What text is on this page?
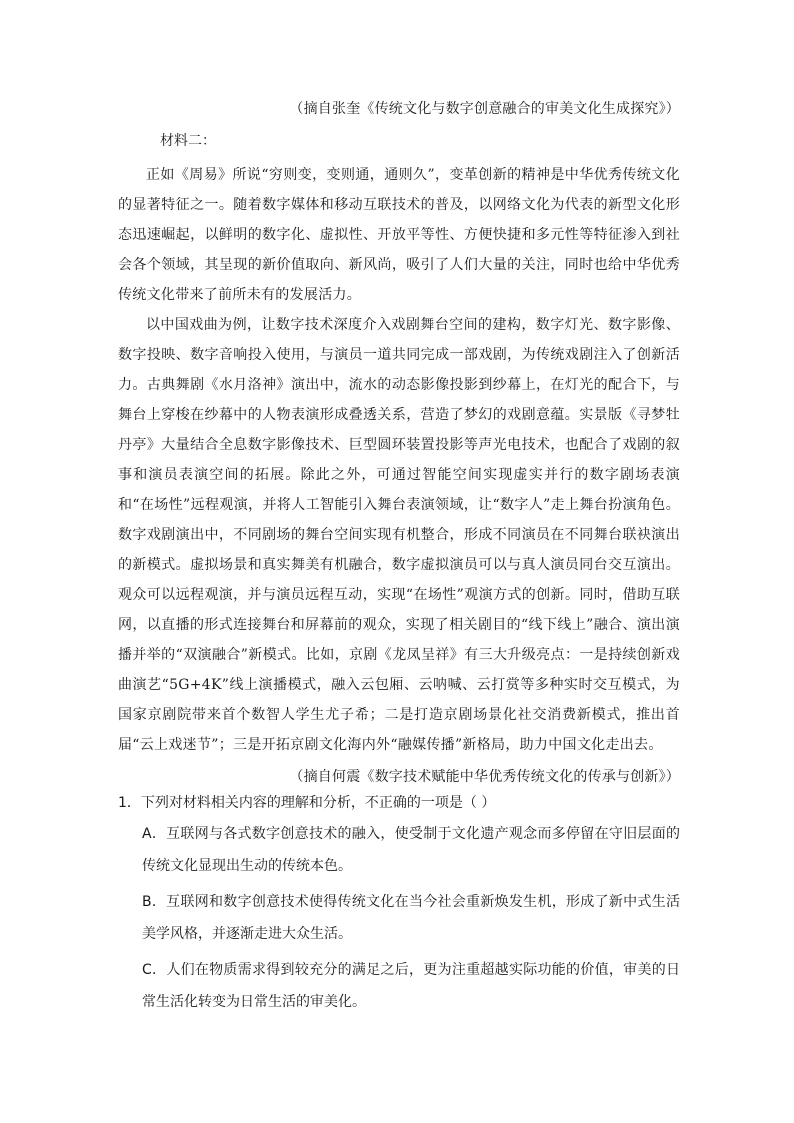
（摘自张奎《传统文化与数字创意融合的审美文化生成探究》）
材料二：

正如《周易》所说“穷则变，变则通，通则久”，变革创新的精神是中华优秀传统文化的显著特征之一。随着数字媒体和移动互联技术的普及，以网络文化为代表的新型文化形态迅速崛起，以鲜明的数字化、虚拟性、开放平等性、方便快捷和多元性等特征渗入到社会各个领域，其呈现的新价值取向、新风尚，吸引了人们大量的关注，同时也给中华优秀传统文化带来了前所未有的发展活力。

以中国戏曲为例，让数字技术深度介入戏剧舞台空间的建构，数字灯光、数字影像、数字投映、数字音响投入使用，与演员一道共同完成一部戏剧，为传统戏剧注入了创新活力。古典舞剧《水月洛神》演出中，流水的动态影像投影到纱幕上，在灯光的配合下，与舞台上穿梭在纱幕中的人物表演形成叠透关系，营造了梦幻的戏剧意蕴。实景版《寻梦牡丹亭》大量结合全息数字影像技术、巨型圆环装置投影等声光电技术，也配合了戏剧的叙事和演员表演空间的拓展。除此之外，可通过智能空间实现虚实并行的数字剧场表演和“在场性”远程观演，并将人工智能引入舞台表演领域，让“数字人”走上舞台扮演角色。数字戏剧演出中，不同剧场的舞台空间实现有机整合，形成不同演员在不同舞台联袂演出的新模式。虚拟场景和真实舞美有机融合，数字虚拟演员可以与真人演员同台交互演出。观众可以远程观演，并与演员远程互动，实现“在场性”观演方式的创新。同时，借助互联网，以直播的形式连接舞台和屏幕前的观众，实现了相关剧目的“线下线上”融合、演出演播并举的“双演融合”新模式。比如，京剧《龙凤呈祥》有三大升级亮点：一是持续创新戏曲演艺“5G+4K”线上演播模式，融入云包厢、云呐喊、云打赏等多种实时交互模式，为国家京剧院带来首个数智人学生尤子希；二是打造京剧场景化社交消费新模式，推出首届“云上戏迷节”；三是开拓京剧文化海内外“融媒传播”新格局，助力中国文化走出去。

（摘自何震《数字技术赋能中华优秀传统文化的传承与创新》）
1．下列对材料相关内容的理解和分析，不正确的一项是（ ）
A．互联网与各式数字创意技术的融入，使受制于文化遗产观念而多停留在守旧层面的传统文化显现出生动的传统本色。
B．互联网和数字创意技术使得传统文化在当今社会重新焕发生机，形成了新中式生活美学风格，并逐渐走进大众生活。
C．人们在物质需求得到较充分的满足之后，更为注重超越实际功能的价值，审美的日常生活化转变为日常生活的审美化。
